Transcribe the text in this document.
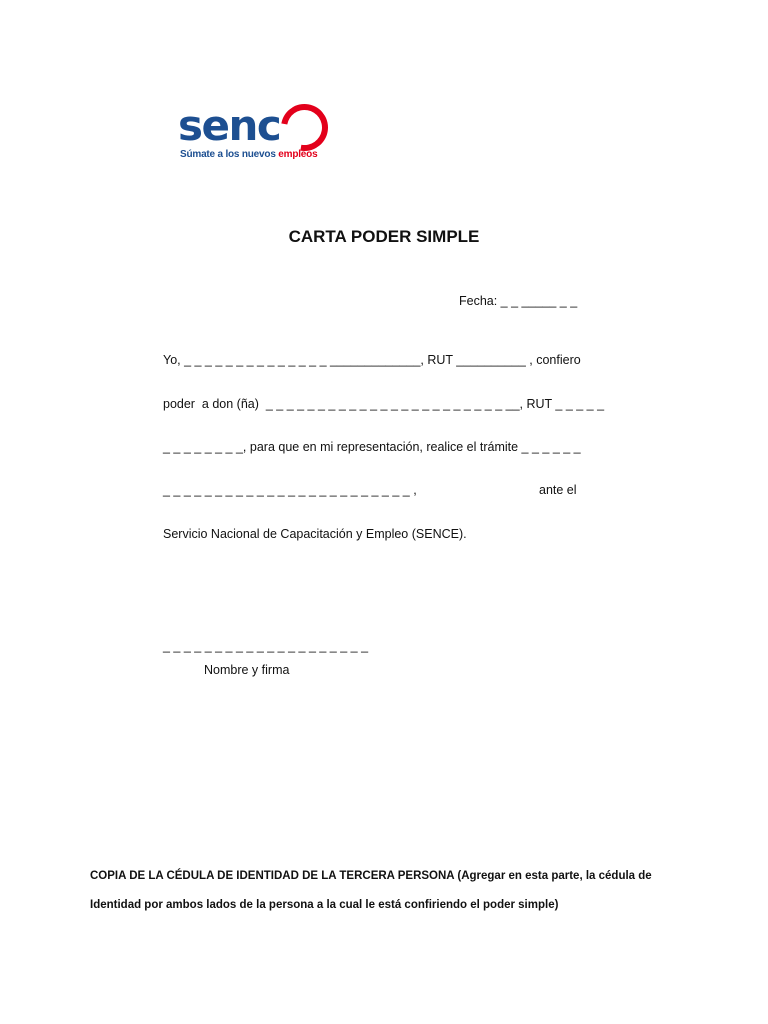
senc
Súmate a los nuevos empleos
CARTA PODER SIMPLE
Fecha: _ _ _____ _ _
Yo, _ _ _ _ _ _ _ _ _ _ _ _ _ _ _____________, RUT __________ , confiero
poder  a don (ña)  _ _ _ _ _ _ _ _ _ _ _ _ _ _ _ _ _ _ _ _ _ _ _ __, RUT _ _ _ _ _
_ _ _ _ _ _ _ _, para que en mi representación, realice el trámite _ _ _ _ _ _
_ _ _ _ _ _ _ _ _ _ _ _ _ _ _ _ _ _ _ _ _ _ _ _ ,	ante el
Servicio Nacional de Capacitación y Empleo (SENCE).
_ _ _ _ _ _ _ _ _ _ _ _ _ _ _ _ _ _ _ _
Nombre y firma
COPIA DE LA CÉDULA DE IDENTIDAD DE LA TERCERA PERSONA (Agregar en esta parte, la cédula de
Identidad por ambos lados de la persona a la cual le está confiriendo el poder simple)
